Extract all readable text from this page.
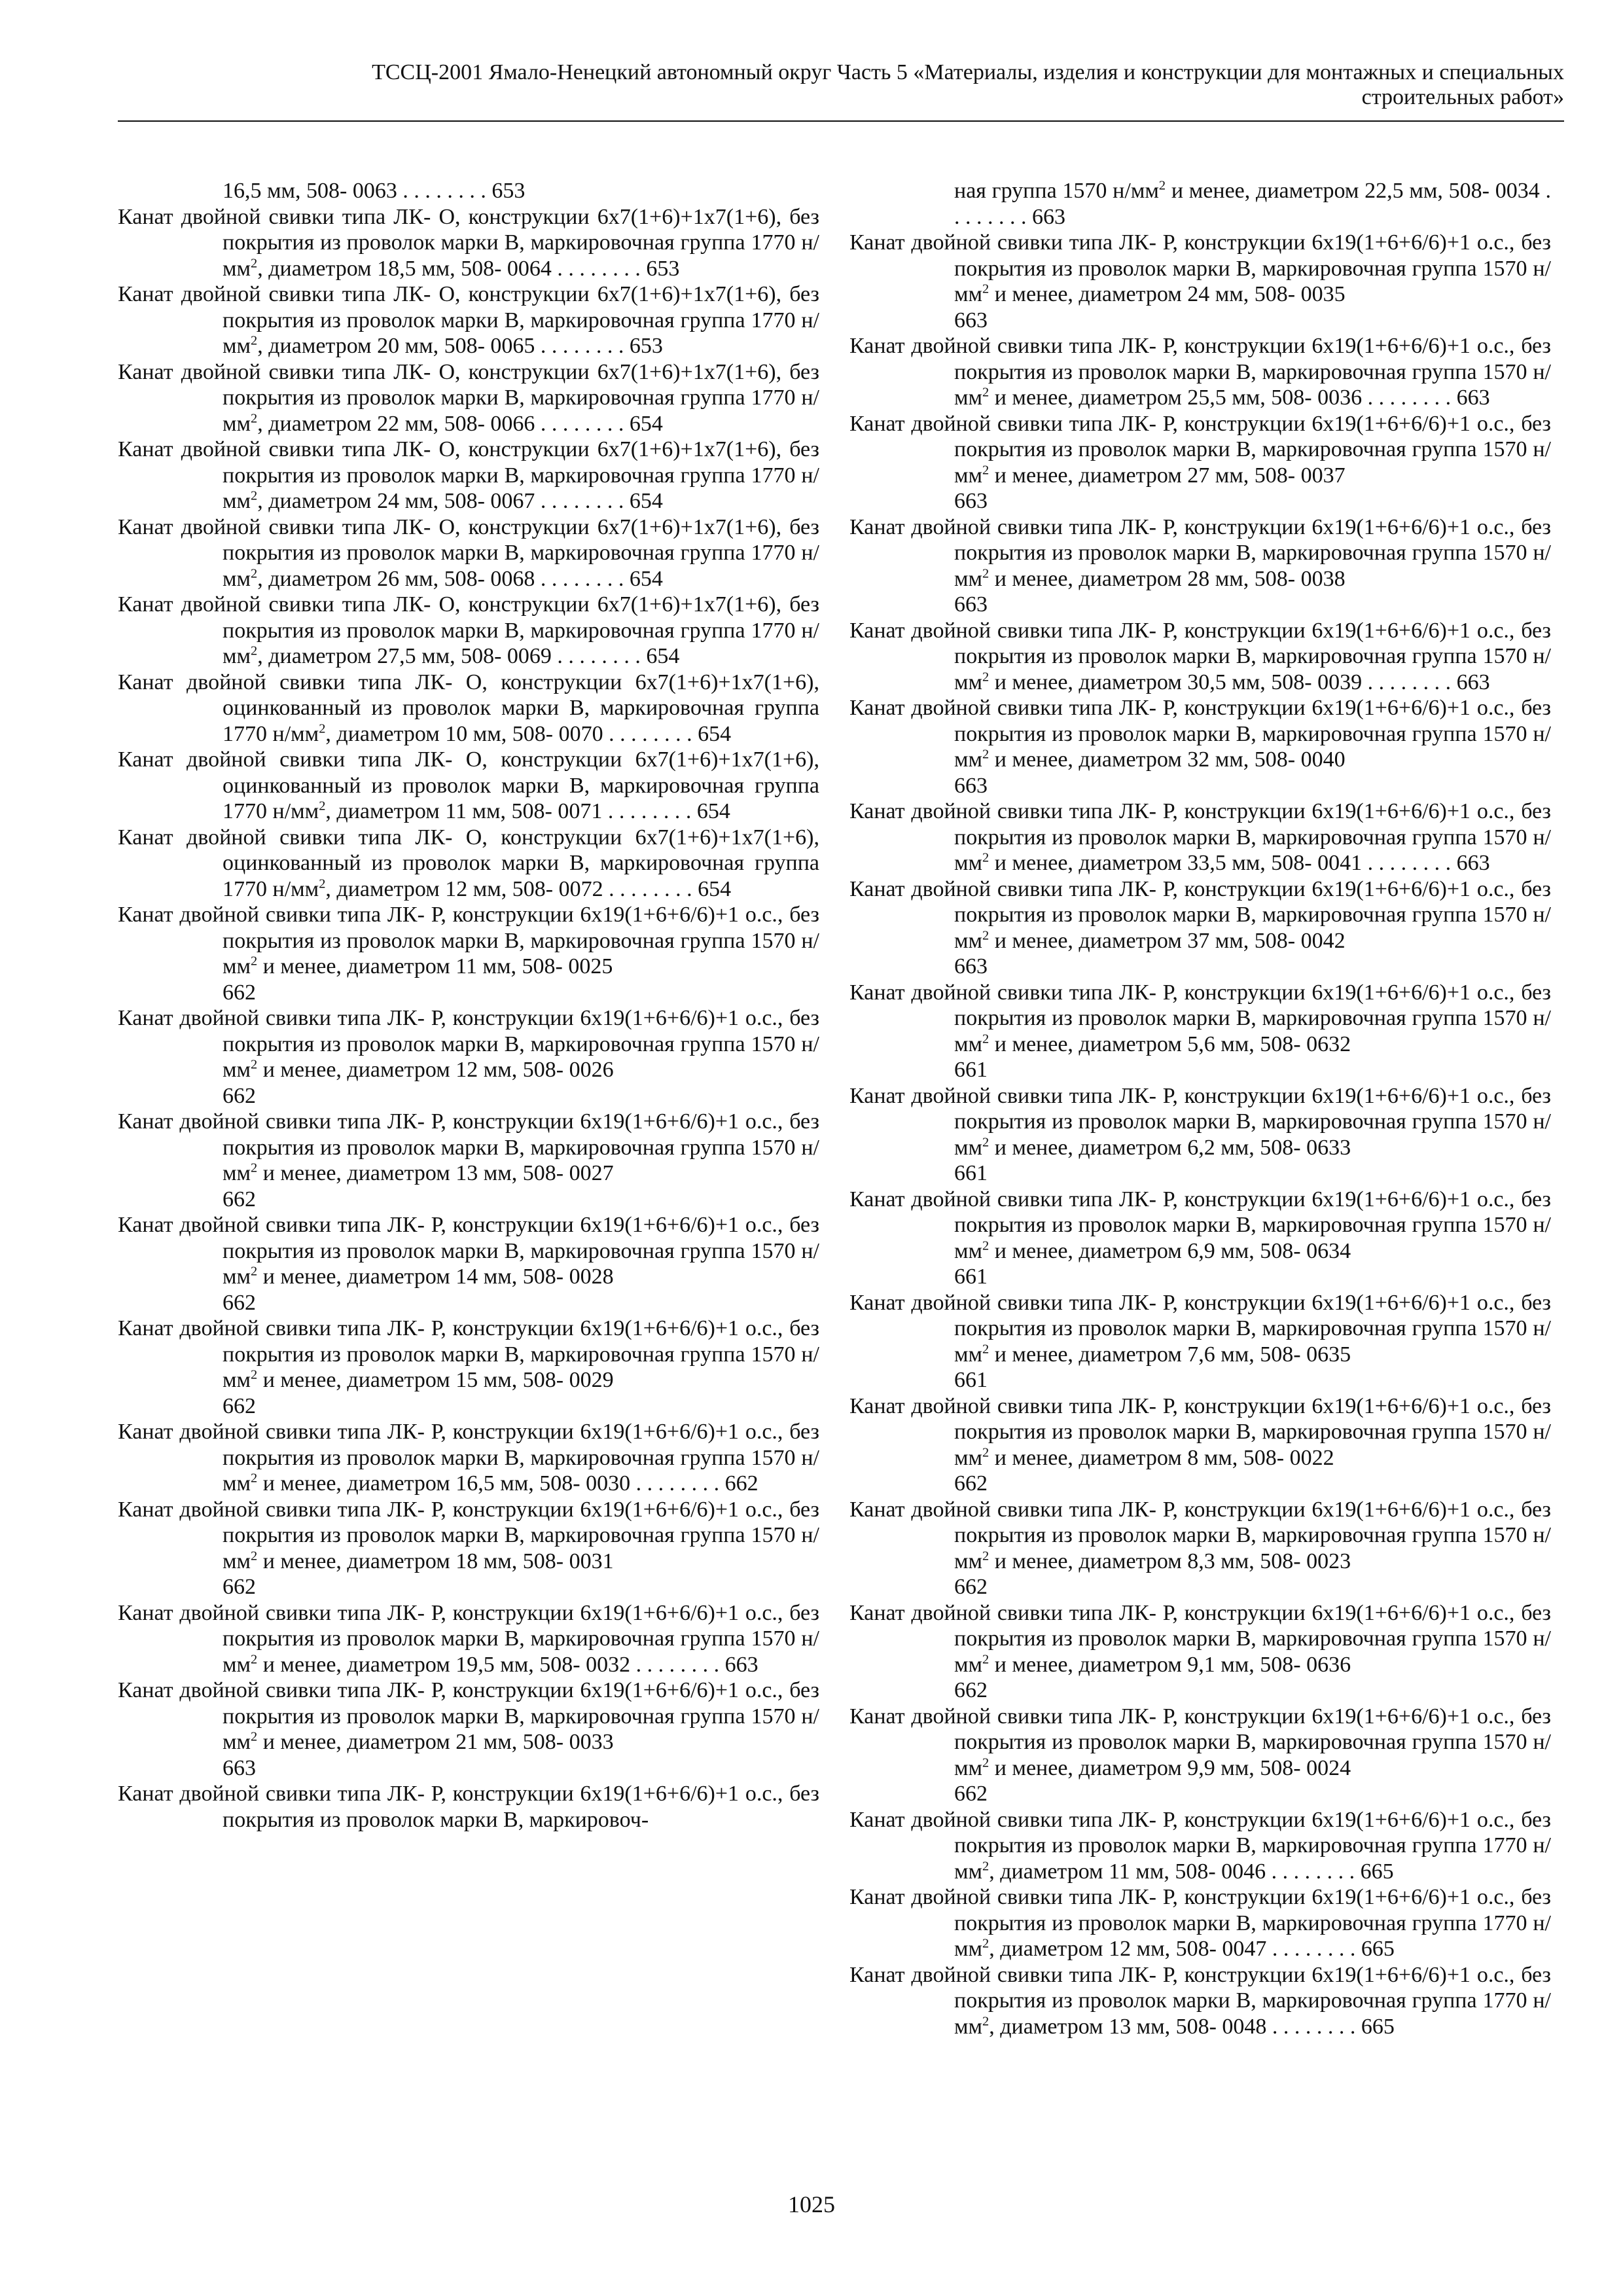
ТССЦ-2001 Ямало-Ненецкий автономный округ Часть 5 «Материалы, изделия и конструкции для монтажных и специальных
строительных работ»
16,5 мм, 508- 0063 . . . . . . . . 653
Канат двойной свивки типа ЛК- О, конструкции 6х7(1+6)+1х7(1+6), без покрытия из проволок марки В, маркировочная группа 1770 $н/мм^2$, диаметром 18,5 мм, 508- 0064 . . . . . . . . 653
Канат двойной свивки типа ЛК- О, конструкции 6х7(1+6)+1х7(1+6), без покрытия из проволок марки В, маркировочная группа 1770 $н/мм^2$, диаметром 20 мм, 508- 0065 . . . . . . . . 653
Канат двойной свивки типа ЛК- О, конструкции 6х7(1+6)+1х7(1+6), без покрытия из проволок марки В, маркировочная группа 1770 $н/мм^2$, диаметром 22 мм, 508- 0066 . . . . . . . . 654
Канат двойной свивки типа ЛК- О, конструкции 6х7(1+6)+1х7(1+6), без покрытия из проволок марки В, маркировочная группа 1770 $н/мм^2$, диаметром 24 мм, 508- 0067 . . . . . . . . 654
Канат двойной свивки типа ЛК- О, конструкции 6х7(1+6)+1х7(1+6), без покрытия из проволок марки В, маркировочная группа 1770 $н/мм^2$, диаметром 26 мм, 508- 0068 . . . . . . . . 654
Канат двойной свивки типа ЛК- О, конструкции 6х7(1+6)+1х7(1+6), без покрытия из проволок марки В, маркировочная группа 1770 $н/мм^2$, диаметром 27,5 мм, 508- 0069 . . . . . . . . 654
Канат двойной свивки типа ЛК- О, конструкции 6х7(1+6)+1х7(1+6), оцинкованный из проволок марки В, маркировочная группа 1770 $н/мм^2$, диаметром 10 мм, 508- 0070 . . . . . . . . 654
Канат двойной свивки типа ЛК- О, конструкции 6х7(1+6)+1х7(1+6), оцинкованный из проволок марки В, маркировочная группа 1770 $н/мм^2$, диаметром 11 мм, 508- 0071 . . . . . . . . 654
Канат двойной свивки типа ЛК- О, конструкции 6х7(1+6)+1х7(1+6), оцинкованный из проволок марки В, маркировочная группа 1770 $н/мм^2$, диаметром 12 мм, 508- 0072 . . . . . . . . 654
Канат двойной свивки типа ЛК- Р, конструкции 6х19(1+6+6/6)+1 о.с., без покрытия из проволок марки В, маркировочная группа 1570 $н/мм^2$ и менее, диаметром 11 мм, 508- 0025
662
Канат двойной свивки типа ЛК- Р, конструкции 6х19(1+6+6/6)+1 о.с., без покрытия из проволок марки В, маркировочная группа 1570 $н/мм^2$ и менее, диаметром 12 мм, 508- 0026
662
Канат двойной свивки типа ЛК- Р, конструкции 6х19(1+6+6/6)+1 о.с., без покрытия из проволок марки В, маркировочная группа 1570 $н/мм^2$ и менее, диаметром 13 мм, 508- 0027
662
Канат двойной свивки типа ЛК- Р, конструкции 6х19(1+6+6/6)+1 о.с., без покрытия из проволок марки В, маркировочная группа 1570 $н/мм^2$ и менее, диаметром 14 мм, 508- 0028
662
Канат двойной свивки типа ЛК- Р, конструкции 6х19(1+6+6/6)+1 о.с., без покрытия из проволок марки В, маркировочная группа 1570 $н/мм^2$ и менее, диаметром 15 мм, 508- 0029
662
Канат двойной свивки типа ЛК- Р, конструкции 6х19(1+6+6/6)+1 о.с., без покрытия из проволок марки В, маркировочная группа 1570 $н/мм^2$ и менее, диаметром 16,5 мм, 508- 0030 . . . . . . . . 662
Канат двойной свивки типа ЛК- Р, конструкции 6х19(1+6+6/6)+1 о.с., без покрытия из проволок марки В, маркировочная группа 1570 $н/мм^2$ и менее, диаметром 18 мм, 508- 0031
662
Канат двойной свивки типа ЛК- Р, конструкции 6х19(1+6+6/6)+1 о.с., без покрытия из проволок марки В, маркировочная группа 1570 $н/мм^2$ и менее, диаметром 19,5 мм, 508- 0032 . . . . . . . . 663
Канат двойной свивки типа ЛК- Р, конструкции 6х19(1+6+6/6)+1 о.с., без покрытия из проволок марки В, маркировочная группа 1570 $н/мм^2$ и менее, диаметром 21 мм, 508- 0033
663
Канат двойной свивки типа ЛК- Р, конструкции 6х19(1+6+6/6)+1 о.с., без покрытия из проволок марки В, маркировоч-
ная группа 1570 $н/мм^2$ и менее, диаметром 22,5 мм, 508- 0034 . . . . . . . . 663
Канат двойной свивки типа ЛК- Р, конструкции 6х19(1+6+6/6)+1 о.с., без покрытия из проволок марки В, маркировочная группа 1570 $н/мм^2$ и менее, диаметром 24 мм, 508- 0035
663
Канат двойной свивки типа ЛК- Р, конструкции 6х19(1+6+6/6)+1 о.с., без покрытия из проволок марки В, маркировочная группа 1570 $н/мм^2$ и менее, диаметром 25,5 мм, 508- 0036 . . . . . . . . 663
Канат двойной свивки типа ЛК- Р, конструкции 6х19(1+6+6/6)+1 о.с., без покрытия из проволок марки В, маркировочная группа 1570 $н/мм^2$ и менее, диаметром 27 мм, 508- 0037
663
Канат двойной свивки типа ЛК- Р, конструкции 6х19(1+6+6/6)+1 о.с., без покрытия из проволок марки В, маркировочная группа 1570 $н/мм^2$ и менее, диаметром 28 мм, 508- 0038
663
Канат двойной свивки типа ЛК- Р, конструкции 6х19(1+6+6/6)+1 о.с., без покрытия из проволок марки В, маркировочная группа 1570 $н/мм^2$ и менее, диаметром 30,5 мм, 508- 0039 . . . . . . . . 663
Канат двойной свивки типа ЛК- Р, конструкции 6х19(1+6+6/6)+1 о.с., без покрытия из проволок марки В, маркировочная группа 1570 $н/мм^2$ и менее, диаметром 32 мм, 508- 0040
663
Канат двойной свивки типа ЛК- Р, конструкции 6х19(1+6+6/6)+1 о.с., без покрытия из проволок марки В, маркировочная группа 1570 $н/мм^2$ и менее, диаметром 33,5 мм, 508- 0041 . . . . . . . . 663
Канат двойной свивки типа ЛК- Р, конструкции 6х19(1+6+6/6)+1 о.с., без покрытия из проволок марки В, маркировочная группа 1570 $н/мм^2$ и менее, диаметром 37 мм, 508- 0042
663
Канат двойной свивки типа ЛК- Р, конструкции 6х19(1+6+6/6)+1 о.с., без покрытия из проволок марки В, маркировочная группа 1570 $н/мм^2$ и менее, диаметром 5,6 мм, 508- 0632
661
Канат двойной свивки типа ЛК- Р, конструкции 6х19(1+6+6/6)+1 о.с., без покрытия из проволок марки В, маркировочная группа 1570 $н/мм^2$ и менее, диаметром 6,2 мм, 508- 0633
661
Канат двойной свивки типа ЛК- Р, конструкции 6х19(1+6+6/6)+1 о.с., без покрытия из проволок марки В, маркировочная группа 1570 $н/мм^2$ и менее, диаметром 6,9 мм, 508- 0634
661
Канат двойной свивки типа ЛК- Р, конструкции 6х19(1+6+6/6)+1 о.с., без покрытия из проволок марки В, маркировочная группа 1570 $н/мм^2$ и менее, диаметром 7,6 мм, 508- 0635
661
Канат двойной свивки типа ЛК- Р, конструкции 6х19(1+6+6/6)+1 о.с., без покрытия из проволок марки В, маркировочная группа 1570 $н/мм^2$ и менее, диаметром 8 мм, 508- 0022
662
Канат двойной свивки типа ЛК- Р, конструкции 6х19(1+6+6/6)+1 о.с., без покрытия из проволок марки В, маркировочная группа 1570 $н/мм^2$ и менее, диаметром 8,3 мм, 508- 0023
662
Канат двойной свивки типа ЛК- Р, конструкции 6х19(1+6+6/6)+1 о.с., без покрытия из проволок марки В, маркировочная группа 1570 $н/мм^2$ и менее, диаметром 9,1 мм, 508- 0636
662
Канат двойной свивки типа ЛК- Р, конструкции 6х19(1+6+6/6)+1 о.с., без покрытия из проволок марки В, маркировочная группа 1570 $н/мм^2$ и менее, диаметром 9,9 мм, 508- 0024
662
Канат двойной свивки типа ЛК- Р, конструкции 6х19(1+6+6/6)+1 о.с., без покрытия из проволок марки В, маркировочная группа 1770 $н/мм^2$, диаметром 11 мм, 508- 0046 . . . . . . . . 665
Канат двойной свивки типа ЛК- Р, конструкции 6х19(1+6+6/6)+1 о.с., без покрытия из проволок марки В, маркировочная группа 1770 $н/мм^2$, диаметром 12 мм, 508- 0047 . . . . . . . . 665
Канат двойной свивки типа ЛК- Р, конструкции 6х19(1+6+6/6)+1 о.с., без покрытия из проволок марки В, маркировочная группа 1770 $н/мм^2$, диаметром 13 мм, 508- 0048 . . . . . . . . 665
1025
